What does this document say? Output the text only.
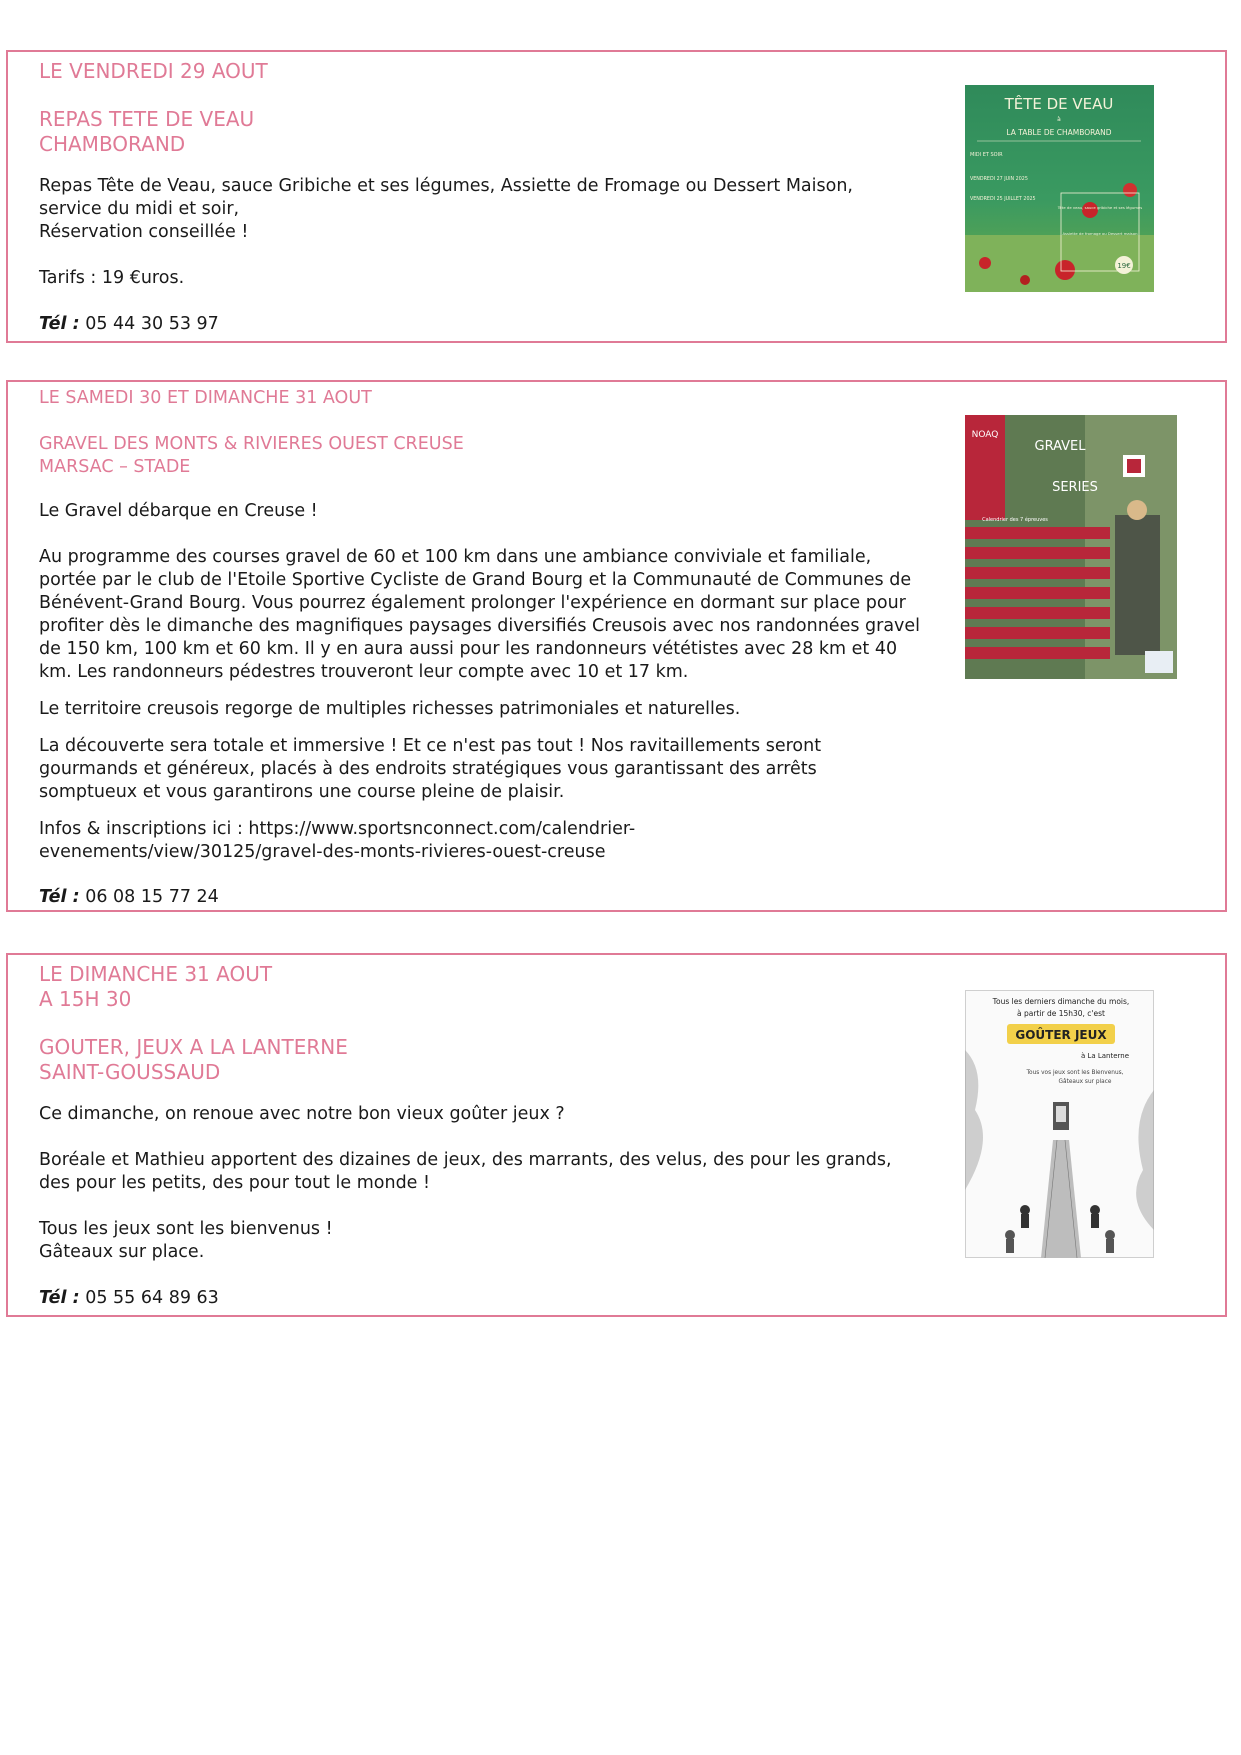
LE VENDREDI 29 AOUT

REPAS TETE DE VEAU

CHAMBORAND

Repas Tête de Veau, sauce Gribiche et ses légumes, Assiette de Fromage ou Dessert Maison,

service du midi et soir,

Réservation conseillée !

Tarifs : 19 €uros.

Tél : 05 44 30 53 97

TÊTE DE VEAU
à
LA TABLE DE CHAMBORAND
MIDI ET SOIR
VENDREDI 27 JUIN 2025
VENDREDI 25 JUILLET 2025
Tête de veau, sauce gribiche et ses légumes
Assiette de fromage ou Dessert maison
19€

LE SAMEDI 30 ET DIMANCHE 31 AOUT

GRAVEL DES MONTS & RIVIERES OUEST CREUSE

MARSAC – STADE

Le Gravel débarque en Creuse !

Au programme des courses gravel de 60 et 100 km dans une ambiance conviviale et familiale,

portée par le club de l'Etoile Sportive Cycliste de Grand Bourg et la Communauté de Communes de

Bénévent-Grand Bourg. Vous pourrez également prolonger l'expérience en dormant sur place pour

profiter dès le dimanche des magnifiques paysages diversifiés Creusois avec nos randonnées gravel

de 150 km, 100 km et 60 km. Il y en aura aussi pour les randonneurs vététistes avec 28 km et 40

km. Les randonneurs pédestres trouveront leur compte avec 10 et 17 km.

Le territoire creusois regorge de multiples richesses patrimoniales et naturelles.

La découverte sera totale et immersive ! Et ce n'est pas tout ! Nos ravitaillements seront

gourmands et généreux, placés à des endroits stratégiques vous garantissant des arrêts

somptueux et vous garantirons une course pleine de plaisir.

Infos & inscriptions ici : https://www.sportsnconnect.com/calendrier-

evenements/view/30125/gravel-des-monts-rivieres-ouest-creuse

Tél : 06 08 15 77 24

NOAQ
GRAVEL
SERIES
Calendrier des 7 épreuves

LE DIMANCHE 31 AOUT

A 15H 30

GOUTER, JEUX A LA LANTERNE

SAINT-GOUSSAUD

Ce dimanche, on renoue avec notre bon vieux goûter jeux ?

Boréale et Mathieu apportent des dizaines de jeux, des marrants, des velus, des pour les grands,

des pour les petits, des pour tout le monde !

Tous les jeux sont les bienvenus !

Gâteaux sur place.

Tél : 05 55 64 89 63

Tous les derniers dimanche du mois,
à partir de 15h30, c'est
GOÛTER JEUX
à La Lanterne
Tous vos jeux sont les Bienvenus,
Gâteaux sur place
